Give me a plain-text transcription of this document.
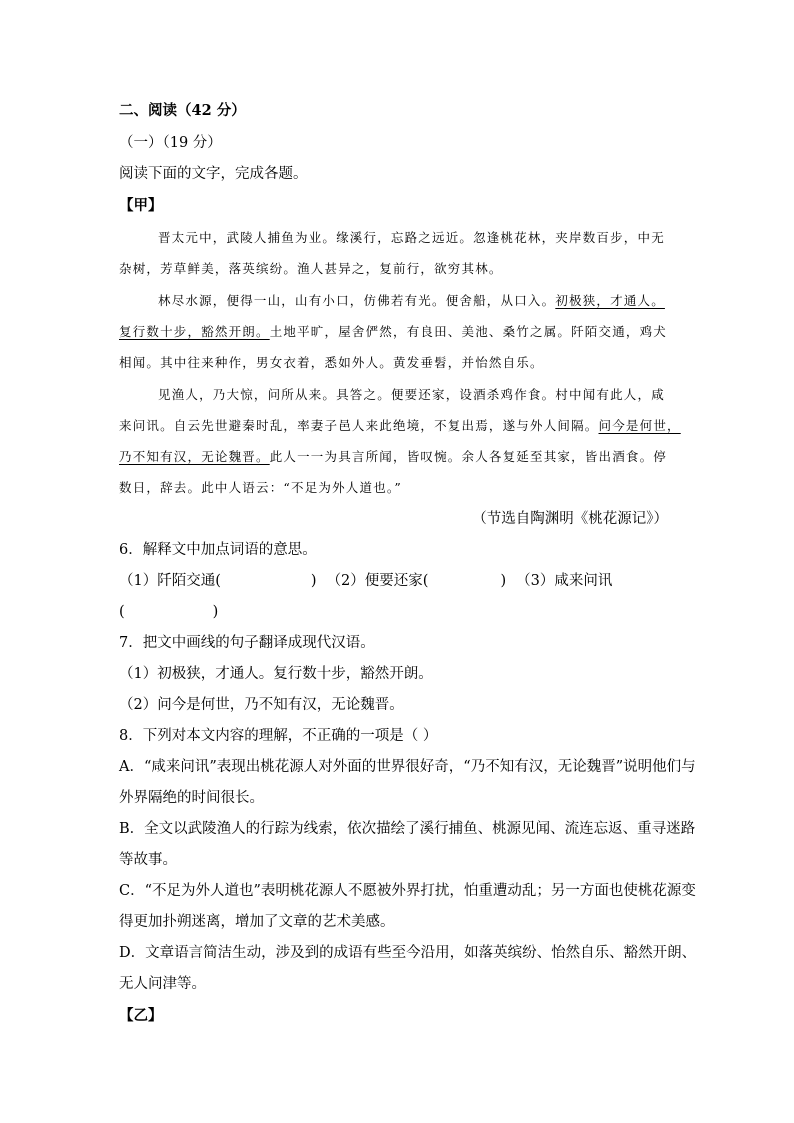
二、阅读（42 分）
（一）（19 分）
阅读下面的文字，完成各题。
【甲】
晋太元中，武陵人捕鱼为业。缘溪行，忘路之远近。忽逢桃花林，夹岸数百步，中无
杂树，芳草鲜美，落英缤纷。渔人甚异之，复前行，欲穷其林。
林尽水源，便得一山，山有小口，仿佛若有光。便舍船，从口入。初极狭，才通人。
复行数十步，豁然开朗。土地平旷，屋舍俨然，有良田、美池、桑竹之属。阡陌交通，鸡犬
相闻。其中往来种作，男女衣着，悉如外人。黄发垂髫，并怡然自乐。
见渔人，乃大惊，问所从来。具答之。便要还家，设酒杀鸡作食。村中闻有此人，咸
来问讯。自云先世避秦时乱，率妻子邑人来此绝境，不复出焉，遂与外人间隔。问今是何世，
乃不知有汉，无论魏晋。此人一一为具言所闻，皆叹惋。余人各复延至其家，皆出酒食。停
数日，辞去。此中人语云：“不足为外人道也。”
（节选自陶渊明《桃花源记》）
6．解释文中加点词语的意思。
（1）阡陌交通(	) （2）便要还家(	) （3）咸来问讯
(	)
7．把文中画线的句子翻译成现代汉语。
（1）初极狭，才通人。复行数十步，豁然开朗。
（2）问今是何世，乃不知有汉，无论魏晋。
8．下列对本文内容的理解，不正确的一项是（ ）
A．“咸来问讯”表现出桃花源人对外面的世界很好奇，“乃不知有汉，无论魏晋”说明他们与
外界隔绝的时间很长。
B．全文以武陵渔人的行踪为线索，依次描绘了溪行捕鱼、桃源见闻、流连忘返、重寻迷路
等故事。
C．“不足为外人道也”表明桃花源人不愿被外界打扰，怕重遭动乱；另一方面也使桃花源变
得更加扑朔迷离，增加了文章的艺术美感。
D．文章语言简洁生动，涉及到的成语有些至今沿用，如落英缤纷、怡然自乐、豁然开朗、
无人问津等。
【乙】
